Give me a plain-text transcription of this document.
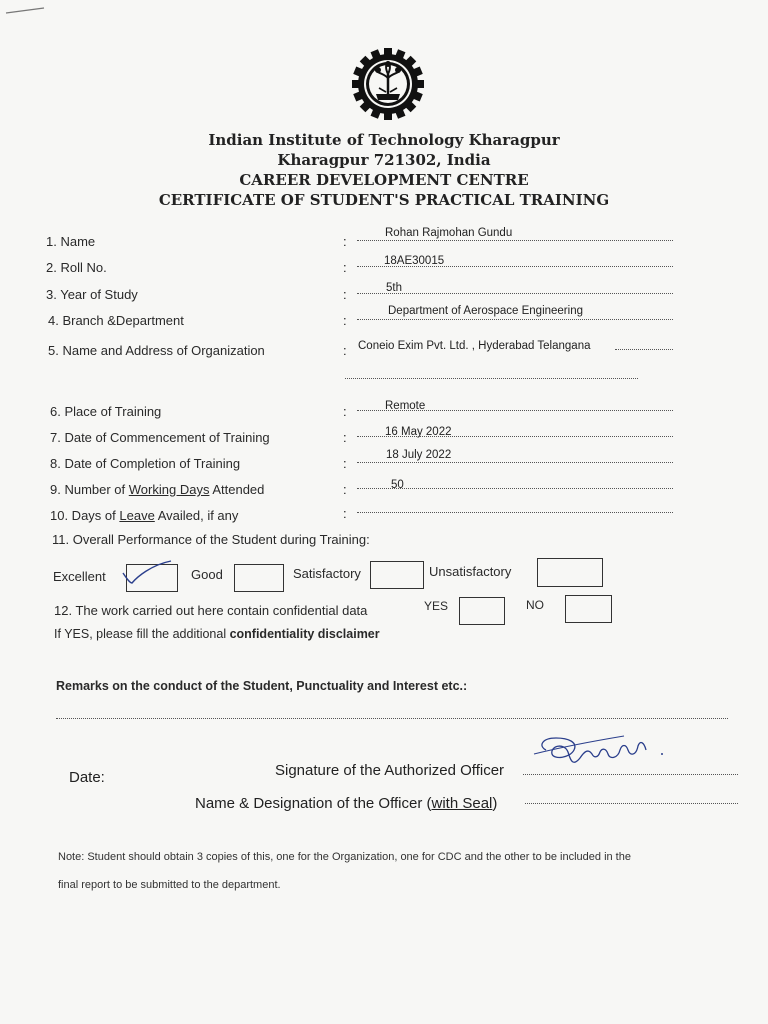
Indian Institute of Technology Kharagpur
Kharagpur 721302, India
CAREER DEVELOPMENT CENTRE
CERTIFICATE OF STUDENT'S PRACTICAL TRAINING
1. Name	:
Rohan Rajmohan Gundu
2. Roll No.	:	18AE30015
3. Year of Study	:	5th
4. Branch &Department	:
Department of Aerospace Engineering
5. Name and Address of Organization	: Coneio Exim Pvt. Ltd. , Hyderabad Telangana
6. Place of Training	:	Remote
7. Date of Commencement of Training	:	16 May 2022
8. Date of Completion of Training	:
18 July 2022
9. Number of Working Days Attended	:	50
10. Days of Leave Availed, if any	:
11. Overall Performance of the Student during Training:
Excellent	Good	Satisfactory	Unsatisfactory
12. The work carried out here contain confidential data	YES	NO
If YES, please fill the additional confidentiality disclaimer
Remarks on the conduct of the Student, Punctuality and Interest etc.:
Date:	Signature of the Authorized Officer
Name & Designation of the Officer (with Seal)
Note: Student should obtain 3 copies of this, one for the Organization, one for CDC and the other to be included in the
final report to be submitted to the department.
